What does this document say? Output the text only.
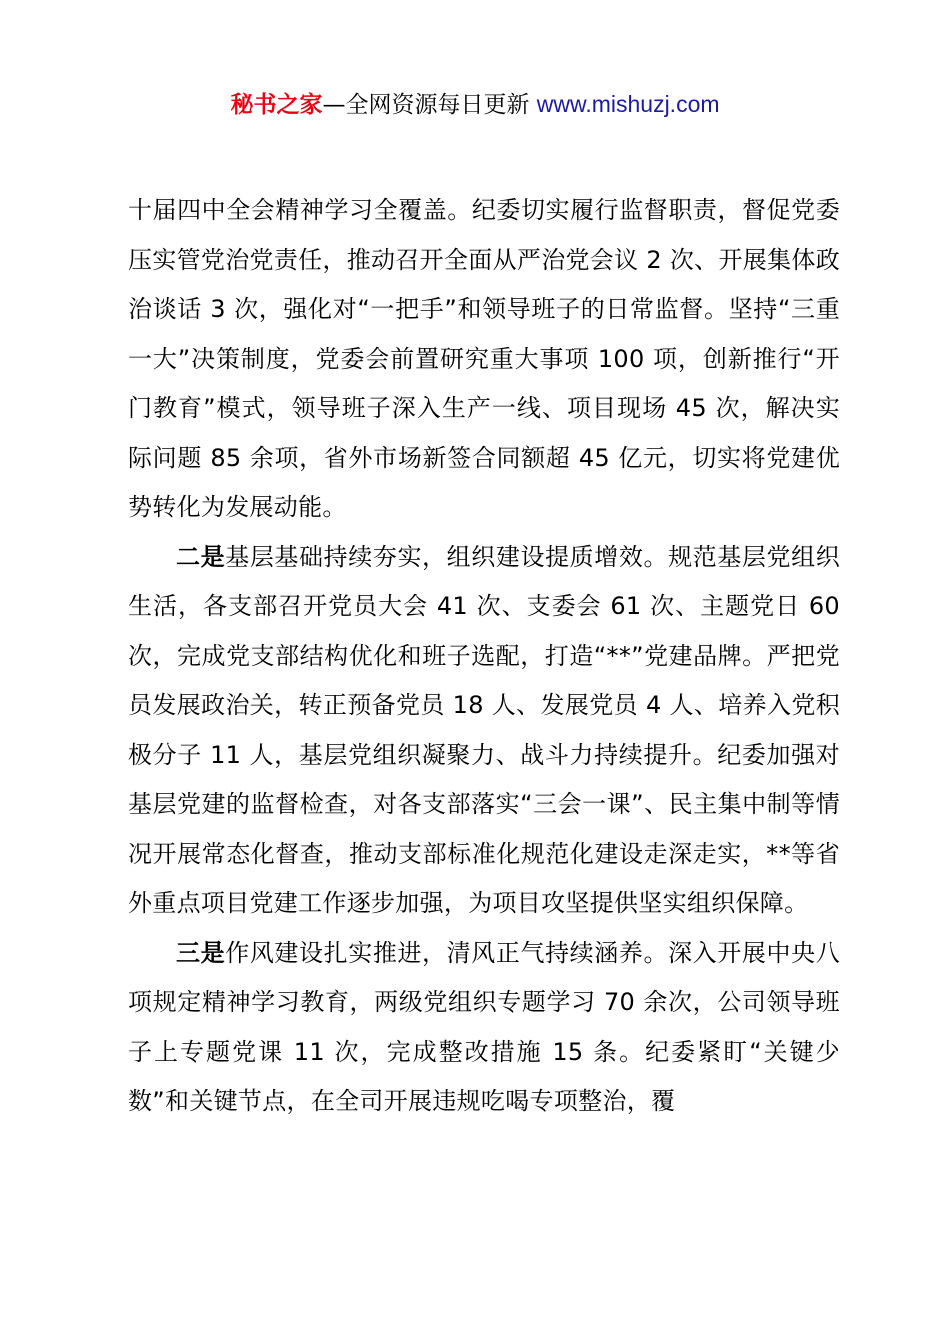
秘书之家—全网资源每日更新 www.mishuzj.com

十届四中全会精神学习全覆盖。纪委切实履行监督职责，督促党委压实管党治党责任，推动召开全面从严治党会议 2 次、开展集体政治谈话 3 次，强化对“一把手”和领导班子的日常监督。坚持“三重一大”决策制度，党委会前置研究重大事项 100 项，创新推行“开门教育”模式，领导班子深入生产一线、项目现场 45 次，解决实际问题 85 余项，省外市场新签合同额超 45 亿元，切实将党建优势转化为发展动能。

二是基层基础持续夯实，组织建设提质增效。规范基层党组织生活，各支部召开党员大会 41 次、支委会 61 次、主题党日 60 次，完成党支部结构优化和班子选配，打造“**”党建品牌。严把党员发展政治关，转正预备党员 18 人、发展党员 4 人、培养入党积极分子 11 人，基层党组织凝聚力、战斗力持续提升。纪委加强对基层党建的监督检查，对各支部落实“三会一课”、民主集中制等情况开展常态化督查，推动支部标准化规范化建设走深走实，**等省外重点项目党建工作逐步加强，为项目攻坚提供坚实组织保障。

三是作风建设扎实推进，清风正气持续涵养。深入开展中央八项规定精神学习教育，两级党组织专题学习 70 余次，公司领导班子上专题党课 11 次，完成整改措施 15 条。纪委紧盯“关键少数”和关键节点，在全司开展违规吃喝专项整治，覆
